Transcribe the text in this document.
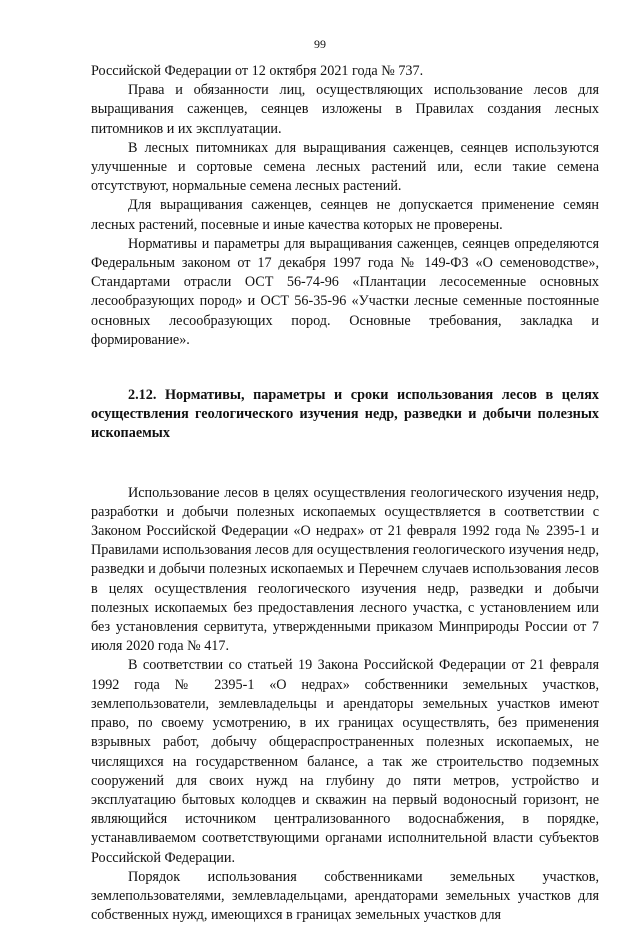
99

Российской Федерации от 12 октября 2021 года № 737.

Права и обязанности лиц, осуществляющих использование лесов для выращивания саженцев, сеянцев изложены в Правилах создания лесных питомников и их эксплуатации.

В лесных питомниках для выращивания саженцев, сеянцев используются улучшенные и сортовые семена лесных растений или, если такие семена отсутствуют, нормальные семена лесных растений.

Для выращивания саженцев, сеянцев не допускается применение семян лесных растений, посевные и иные качества которых не проверены.

Нормативы и параметры для выращивания саженцев, сеянцев определяются Федеральным законом от 17 декабря 1997 года № 149-ФЗ «О семеноводстве», Стандартами отрасли ОСТ 56-74-96 «Плантации лесосеменные основных лесообразующих пород» и ОСТ 56-35-96 «Участки лесные семенные постоянные основных лесообразующих пород. Основные требования, закладка и формирование».

2.12. Нормативы, параметры и сроки использования лесов в целях осуществления геологического изучения недр, разведки и добычи полезных ископаемых

Использование лесов в целях осуществления геологического изучения недр, разработки и добычи полезных ископаемых осуществляется в соответствии с Законом Российской Федерации «О недрах» от 21 февраля 1992 года № 2395-1 и Правилами использования лесов для осуществления геологического изучения недр, разведки и добычи полезных ископаемых и Перечнем случаев использования лесов в целях осуществления геологического изучения недр, разведки и добычи полезных ископаемых без предоставления лесного участка, с установлением или без установления сервитута, утвержденными приказом Минприроды России от 7 июля 2020 года № 417.

В соответствии со статьей 19 Закона Российской Федерации от 21 февраля 1992 года № 2395-1 «О недрах» собственники земельных участков, землепользователи, землевладельцы и арендаторы земельных участков имеют право, по своему усмотрению, в их границах осуществлять, без применения взрывных работ, добычу общераспространенных полезных ископаемых, не числящихся на государственном балансе, а так же строительство подземных сооружений для своих нужд на глубину до пяти метров, устройство и эксплуатацию бытовых колодцев и скважин на первый водоносный горизонт, не являющийся источником централизованного водоснабжения, в порядке, устанавливаемом соответствующими органами исполнительной власти субъектов Российской Федерации.

Порядок использования собственниками земельных участков, землепользователями, землевладельцами, арендаторами земельных участков для собственных нужд, имеющихся в границах земельных участков для
